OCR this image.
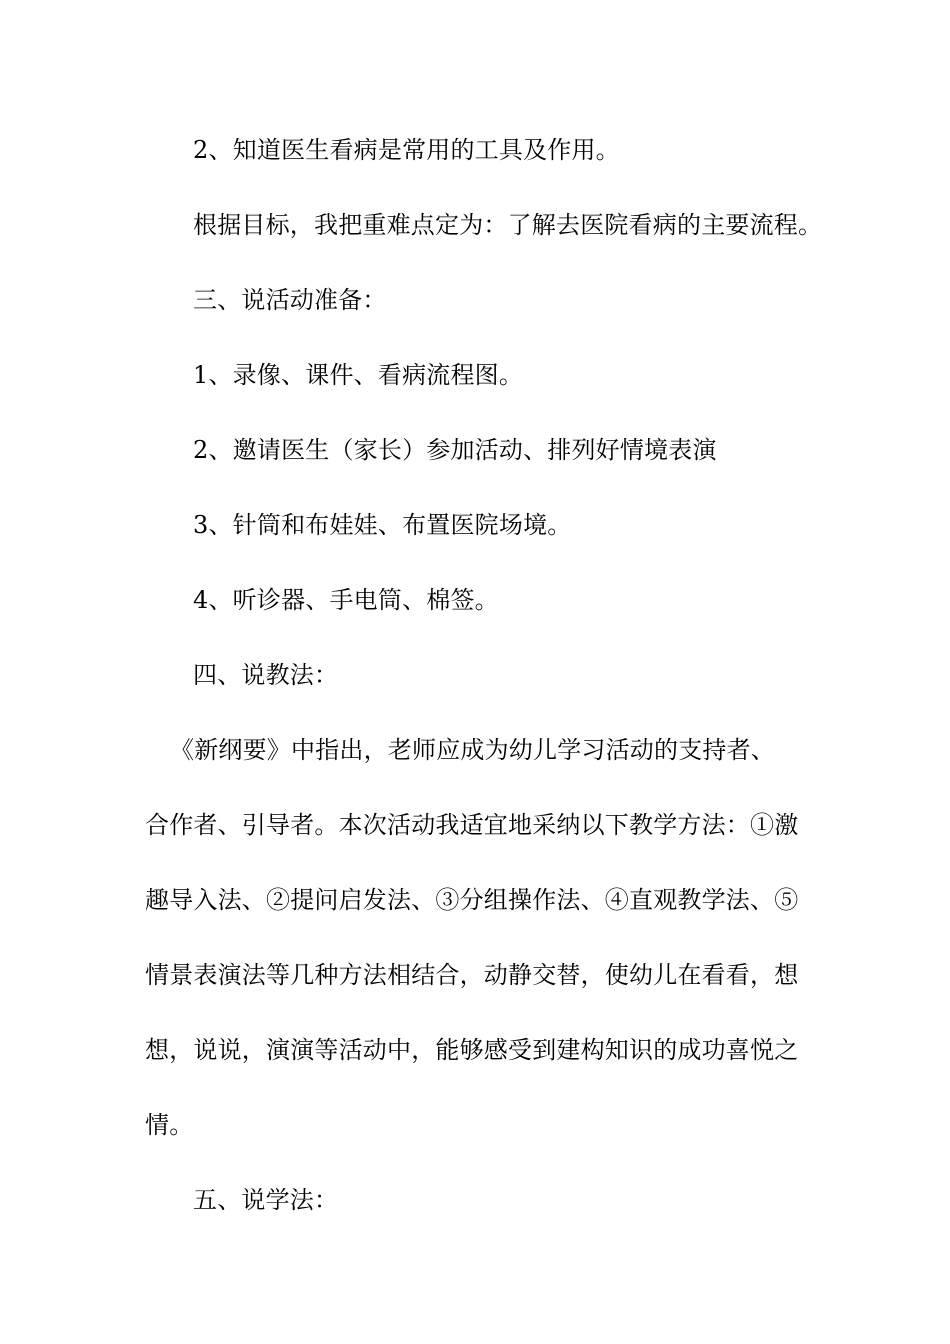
2、知道医生看病是常用的工具及作用。
根据目标，我把重难点定为：了解去医院看病的主要流程。
三、说活动准备：
1、录像、课件、看病流程图。
2、邀请医生（家长）参加活动、排列好情境表演
3、针筒和布娃娃、布置医院场境。
4、听诊器、手电筒、棉签。
四、说教法：
《新纲要》中指出，老师应成为幼儿学习活动的支持者、
合作者、引导者。本次活动我适宜地采纳以下教学方法：①激
趣导入法、②提问启发法、③分组操作法、④直观教学法、⑤
情景表演法等几种方法相结合，动静交替，使幼儿在看看，想
想，说说，演演等活动中，能够感受到建构知识的成功喜悦之
情。
五、说学法：
